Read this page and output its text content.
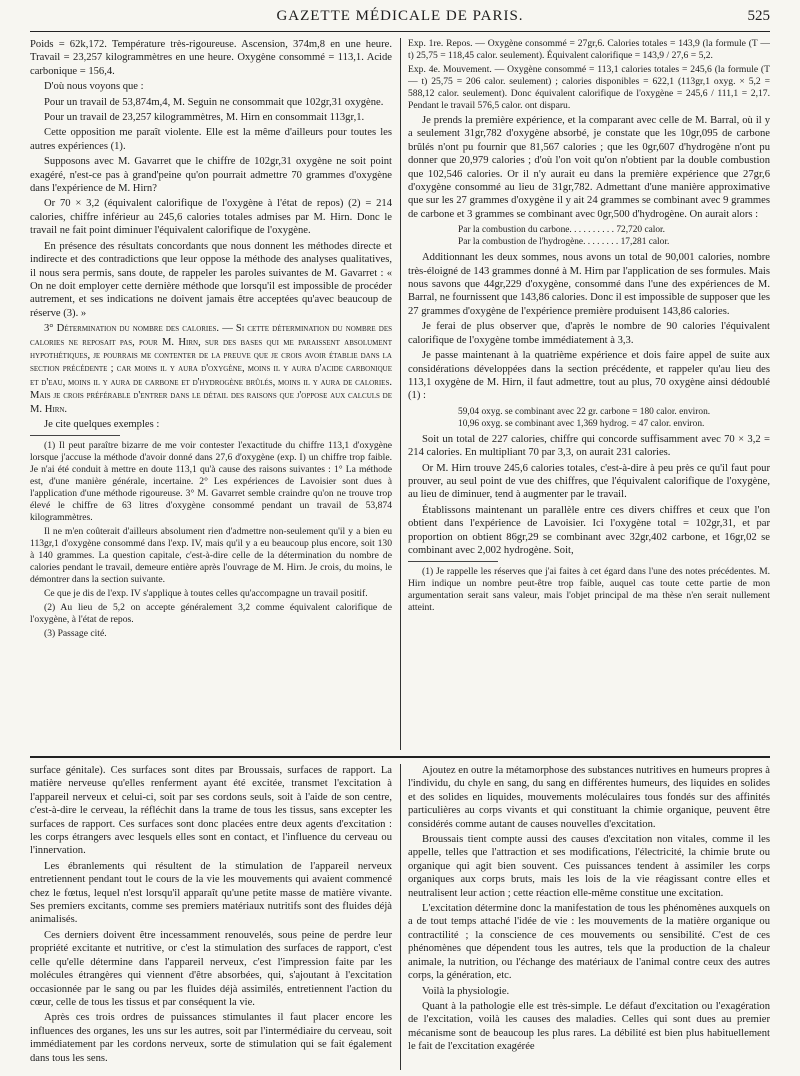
GAZETTE MÉDICALE DE PARIS.	525

Poids = 62k,172. Température très-rigoureuse. Ascension, 374m,8 en une heure. Travail = 23,257 kilogrammètres en une heure. Oxygène consommé = 113,1. Acide carbonique = 156,4.

D'où nous voyons que :

Pour un travail de 53,874m,4, M. Seguin ne consommait que 102gr,31 oxygène.

Pour un travail de 23,257 kilogrammètres, M. Hirn en consommait 113gr,1.

Cette opposition me paraît violente. Elle est la même d'ailleurs pour toutes les autres expériences (1).

Supposons avec M. Gavarret que le chiffre de 102gr,31 oxygène ne soit point exagéré, n'est-ce pas à grand'peine qu'on pourrait admettre 70 grammes d'oxygène dans l'expérience de M. Hirn?

Or 70 × 3,2 (équivalent calorifique de l'oxygène à l'état de repos) (2) = 214 calories, chiffre inférieur au 245,6 calories totales admises par M. Hirn. Donc le travail ne fait point diminuer l'équivalent calorifique de l'oxygène.

En présence des résultats concordants que nous donnent les méthodes directe et indirecte et des contradictions que leur oppose la méthode des analyses qualitatives, il nous sera permis, sans doute, de rappeler les paroles suivantes de M. Gavarret : « On ne doit employer cette dernière méthode que lorsqu'il est impossible de procéder autrement, et ses indications ne doivent jamais être acceptées qu'avec beaucoup de réserve (3). »

3° Détermination du nombre des calories. — Si cette détermination du nombre des calories ne reposait pas, pour M. Hirn, sur des bases qui me paraissent absolument hypothétiques, je pourrais me contenter de la preuve que je crois avoir établie dans la section précédente ; car moins il y aura d'oxygène, moins il y aura d'acide carbonique et d'eau, moins il y aura de carbone et d'hydrogène brûlés, moins il y aura de calories. Mais je crois préférable d'entrer dans le détail des raisons que j'oppose aux calculs de M. Hirn.

Je cite quelques exemples :

(1) Il peut paraître bizarre de me voir contester l'exactitude du chiffre 113,1 d'oxygène lorsque j'accuse la méthode d'avoir donné dans 27,6 d'oxygène (exp. I) un chiffre trop faible. Je n'ai été conduit à mettre en doute 113,1 qu'à cause des raisons suivantes : 1° La méthode est, d'une manière générale, incertaine. 2° Les expériences de Lavoisier sont dues à l'application d'une méthode rigoureuse. 3° M. Gavarret semble craindre qu'on ne trouve trop élevé le chiffre de 63 litres d'oxygène consommé pendant un travail de 53,874 kilogrammètres.

Il ne m'en coûterait d'ailleurs absolument rien d'admettre non-seulement qu'il y a bien eu 113gr,1 d'oxygène consommé dans l'exp. IV, mais qu'il y a eu beaucoup plus encore, soit 130 à 140 grammes. La question capitale, c'est-à-dire celle de la détermination du nombre de calories pendant le travail, demeure entière après l'ouvrage de M. Hirn. Je crois, du moins, le démontrer dans la section suivante.

Ce que je dis de l'exp. IV s'applique à toutes celles qu'accompagne un travail positif.

(2) Au lieu de 5,2 on accepte généralement 3,2 comme équivalent calorifique de l'oxygène, à l'état de repos.

(3) Passage cité.

Exp. 1re. Repos. — Oxygène consommé = 27gr,6. Calories totales = 143,9 (la formule (T — t) 25,75 = 118,45 calor. seulement). Équivalent calorifique = 143,9 / 27,6 = 5,2.

Exp. 4e. Mouvement. — Oxygène consommé = 113,1 calories totales = 245,6 (la formule (T — t) 25,75 = 206 calor. seulement) ; calories disponibles = 622,1 (113gr,1 oxyg. × 5,2 = 588,12 calor. seulement). Donc équivalent calorifique de l'oxygène = 245,6 / 111,1 = 2,17. Pendant le travail 576,5 calor. ont disparu.

Je prends la première expérience, et la comparant avec celle de M. Barral, où il y a seulement 31gr,782 d'oxygène absorbé, je constate que les 10gr,095 de carbone brûlés n'ont pu fournir que 81,567 calories ; que les 0gr,607 d'hydrogène n'ont pu donner que 20,979 calories ; d'où l'on voit qu'on n'obtient par la double combustion que 102,546 calories. Or il n'y aurait eu dans la première expérience que 27gr,6 d'oxygène consommé au lieu de 31gr,782. Admettant d'une manière approximative que sur les 27 grammes d'oxygène il y ait 24 grammes se combinant avec 9 grammes de carbone et 3 grammes se combinant avec 0gr,500 d'hydrogène. On aurait alors :

Par la combustion du carbone. . . . . . . . . . 72,720 calor.
Par la combustion de l'hydrogène. . . . . . . . 17,281 calor.

Additionnant les deux sommes, nous avons un total de 90,001 calories, nombre très-éloigné de 143 grammes donné à M. Hirn par l'application de ses formules. Mais nous savons que 44gr,229 d'oxygène, consommé dans l'une des expériences de M. Barral, ne fournissent que 143,86 calories. Donc il est impossible de supposer que les 27 grammes d'oxygène de l'expérience première produisent 143,86 calories.

Je ferai de plus observer que, d'après le nombre de 90 calories l'équivalent calorifique de l'oxygène tombe immédiatement à 3,3.

Je passe maintenant à la quatrième expérience et dois faire appel de suite aux considérations développées dans la section précédente, et rappeler qu'au lieu des 113,1 oxygène de M. Hirn, il faut admettre, tout au plus, 70 oxygène ainsi dédoublé (1) :

59,04 oxyg. se combinant avec 22 gr. carbone = 180 calor. environ.
10,96 oxyg. se combinant avec 1,369 hydrog. = 47 calor. environ.

Soit un total de 227 calories, chiffre qui concorde suffisamment avec 70 × 3,2 = 214 calories. En multipliant 70 par 3,3, on aurait 231 calories.

Or M. Hirn trouve 245,6 calories totales, c'est-à-dire à peu près ce qu'il faut pour prouver, au seul point de vue des chiffres, que l'équivalent calorifique de l'oxygène, au lieu de diminuer, tend à augmenter par le travail.

Établissons maintenant un parallèle entre ces divers chiffres et ceux que l'on obtient dans l'expérience de Lavoisier. Ici l'oxygène total = 102gr,31, et par proportion on obtient 86gr,29 se combinant avec 32gr,402 carbone, et 16gr,02 se combinant avec 2,002 hydrogène. Soit,

(1) Je rappelle les réserves que j'ai faites à cet égard dans l'une des notes précédentes. M. Hirn indique un nombre peut-être trop faible, auquel cas toute cette partie de mon argumentation serait sans valeur, mais l'objet principal de ma thèse n'en serait nullement atteint.

surface génitale). Ces surfaces sont dites par Broussais, surfaces de rapport. La matière nerveuse qu'elles renferment ayant été excitée, transmet l'excitation à l'appareil nerveux et celui-ci, soit par ses cordons seuls, soit à l'aide de son centre, c'est-à-dire le cerveau, la réfléchit dans la trame de tous les tissus, sans excepter les surfaces de rapport. Ces surfaces sont donc placées entre deux agents d'excitation : les corps étrangers avec lesquels elles sont en contact, et l'influence du cerveau ou l'innervation.

Les ébranlements qui résultent de la stimulation de l'appareil nerveux entretiennent pendant tout le cours de la vie les mouvements qui avaient commencé chez le fœtus, lequel n'est lorsqu'il apparaît qu'une petite masse de matière vivante. Ses premiers excitants, comme ses premiers matériaux nutritifs sont des fluides déjà animalisés.

Ces derniers doivent être incessamment renouvelés, sous peine de perdre leur propriété excitante et nutritive, or c'est la stimulation des surfaces de rapport, c'est celle qu'elle détermine dans l'appareil nerveux, c'est l'impression faite par les molécules étrangères qui viennent d'être absorbées, qui, s'ajoutant à l'excitation occasionnée par le sang ou par les fluides déjà assimilés, entretiennent l'action du cœur, celle de tous les tissus et par conséquent la vie.

Après ces trois ordres de puissances stimulantes il faut placer encore les influences des organes, les uns sur les autres, soit par l'intermédiaire du cerveau, soit immédiatement par les cordons nerveux, sorte de stimulation qui se fait également dans tous les sens.

Ajoutez en outre la métamorphose des substances nutritives en humeurs propres à l'individu, du chyle en sang, du sang en différentes humeurs, des liquides en solides et des solides en liquides, mouvements moléculaires tous fondés sur des affinités particulières au corps vivants et qui constituant la chimie organique, peuvent être considérés comme autant de causes nouvelles d'excitation.

Broussais tient compte aussi des causes d'excitation non vitales, comme il les appelle, telles que l'attraction et ses modifications, l'électricité, la chimie brute ou organique qui agit bien souvent. Ces puissances tendent à assimiler les corps organiques aux corps bruts, mais les lois de la vie réagissant contre elles et neutralisent leur action ; cette réaction elle-même constitue une excitation.

L'excitation détermine donc la manifestation de tous les phénomènes auxquels on a de tout temps attaché l'idée de vie : les mouvements de la matière organique ou contractilité ; la conscience de ces mouvements ou sensibilité. C'est de ces phénomènes que dépendent tous les autres, tels que la production de la chaleur animale, la nutrition, ou l'échange des matériaux de l'animal contre ceux des autres corps, la génération, etc.

Voilà la physiologie.

Quant à la pathologie elle est très-simple. Le défaut d'excitation ou l'exagération de l'excitation, voilà les causes des maladies. Celles qui sont dues au premier mécanisme sont de beaucoup les plus rares. La débilité est bien plus habituellement le fait de l'excitation exagérée
